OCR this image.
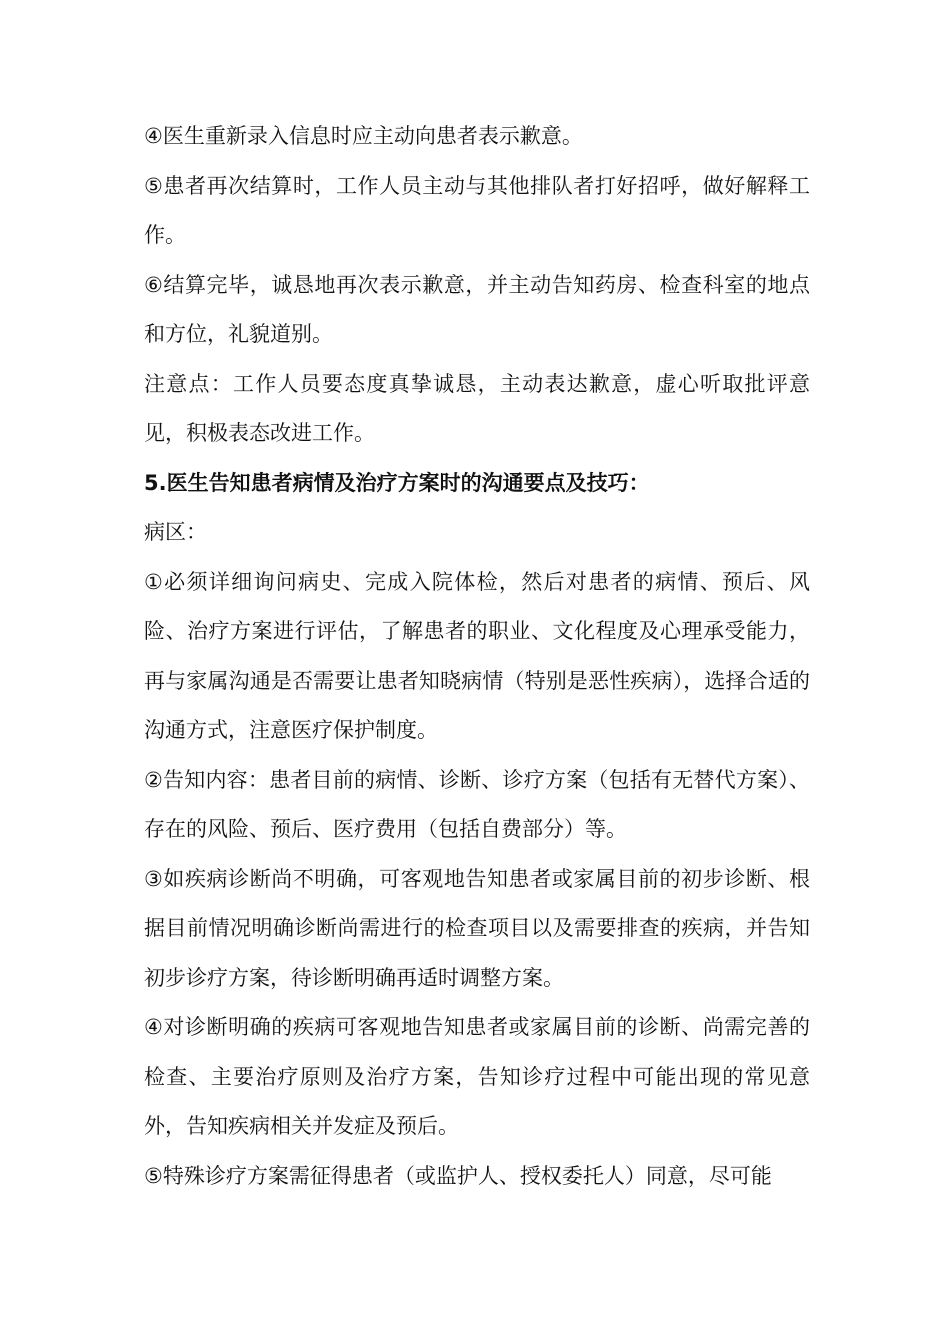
④医生重新录入信息时应主动向患者表示歉意。

⑤患者再次结算时，工作人员主动与其他排队者打好招呼，做好解释工作。

⑥结算完毕，诚恳地再次表示歉意，并主动告知药房、检查科室的地点和方位，礼貌道别。

注意点：工作人员要态度真挚诚恳，主动表达歉意，虚心听取批评意见，积极表态改进工作。

5.医生告知患者病情及治疗方案时的沟通要点及技巧：

病区：

①必须详细询问病史、完成入院体检，然后对患者的病情、预后、风险、治疗方案进行评估，了解患者的职业、文化程度及心理承受能力，再与家属沟通是否需要让患者知晓病情（特别是恶性疾病），选择合适的沟通方式，注意医疗保护制度。

②告知内容：患者目前的病情、诊断、诊疗方案（包括有无替代方案）、存在的风险、预后、医疗费用（包括自费部分）等。

③如疾病诊断尚不明确，可客观地告知患者或家属目前的初步诊断、根据目前情况明确诊断尚需进行的检查项目以及需要排查的疾病，并告知初步诊疗方案，待诊断明确再适时调整方案。

④对诊断明确的疾病可客观地告知患者或家属目前的诊断、尚需完善的检查、主要治疗原则及治疗方案，告知诊疗过程中可能出现的常见意外，告知疾病相关并发症及预后。

⑤特殊诊疗方案需征得患者（或监护人、授权委托人）同意，尽可能
